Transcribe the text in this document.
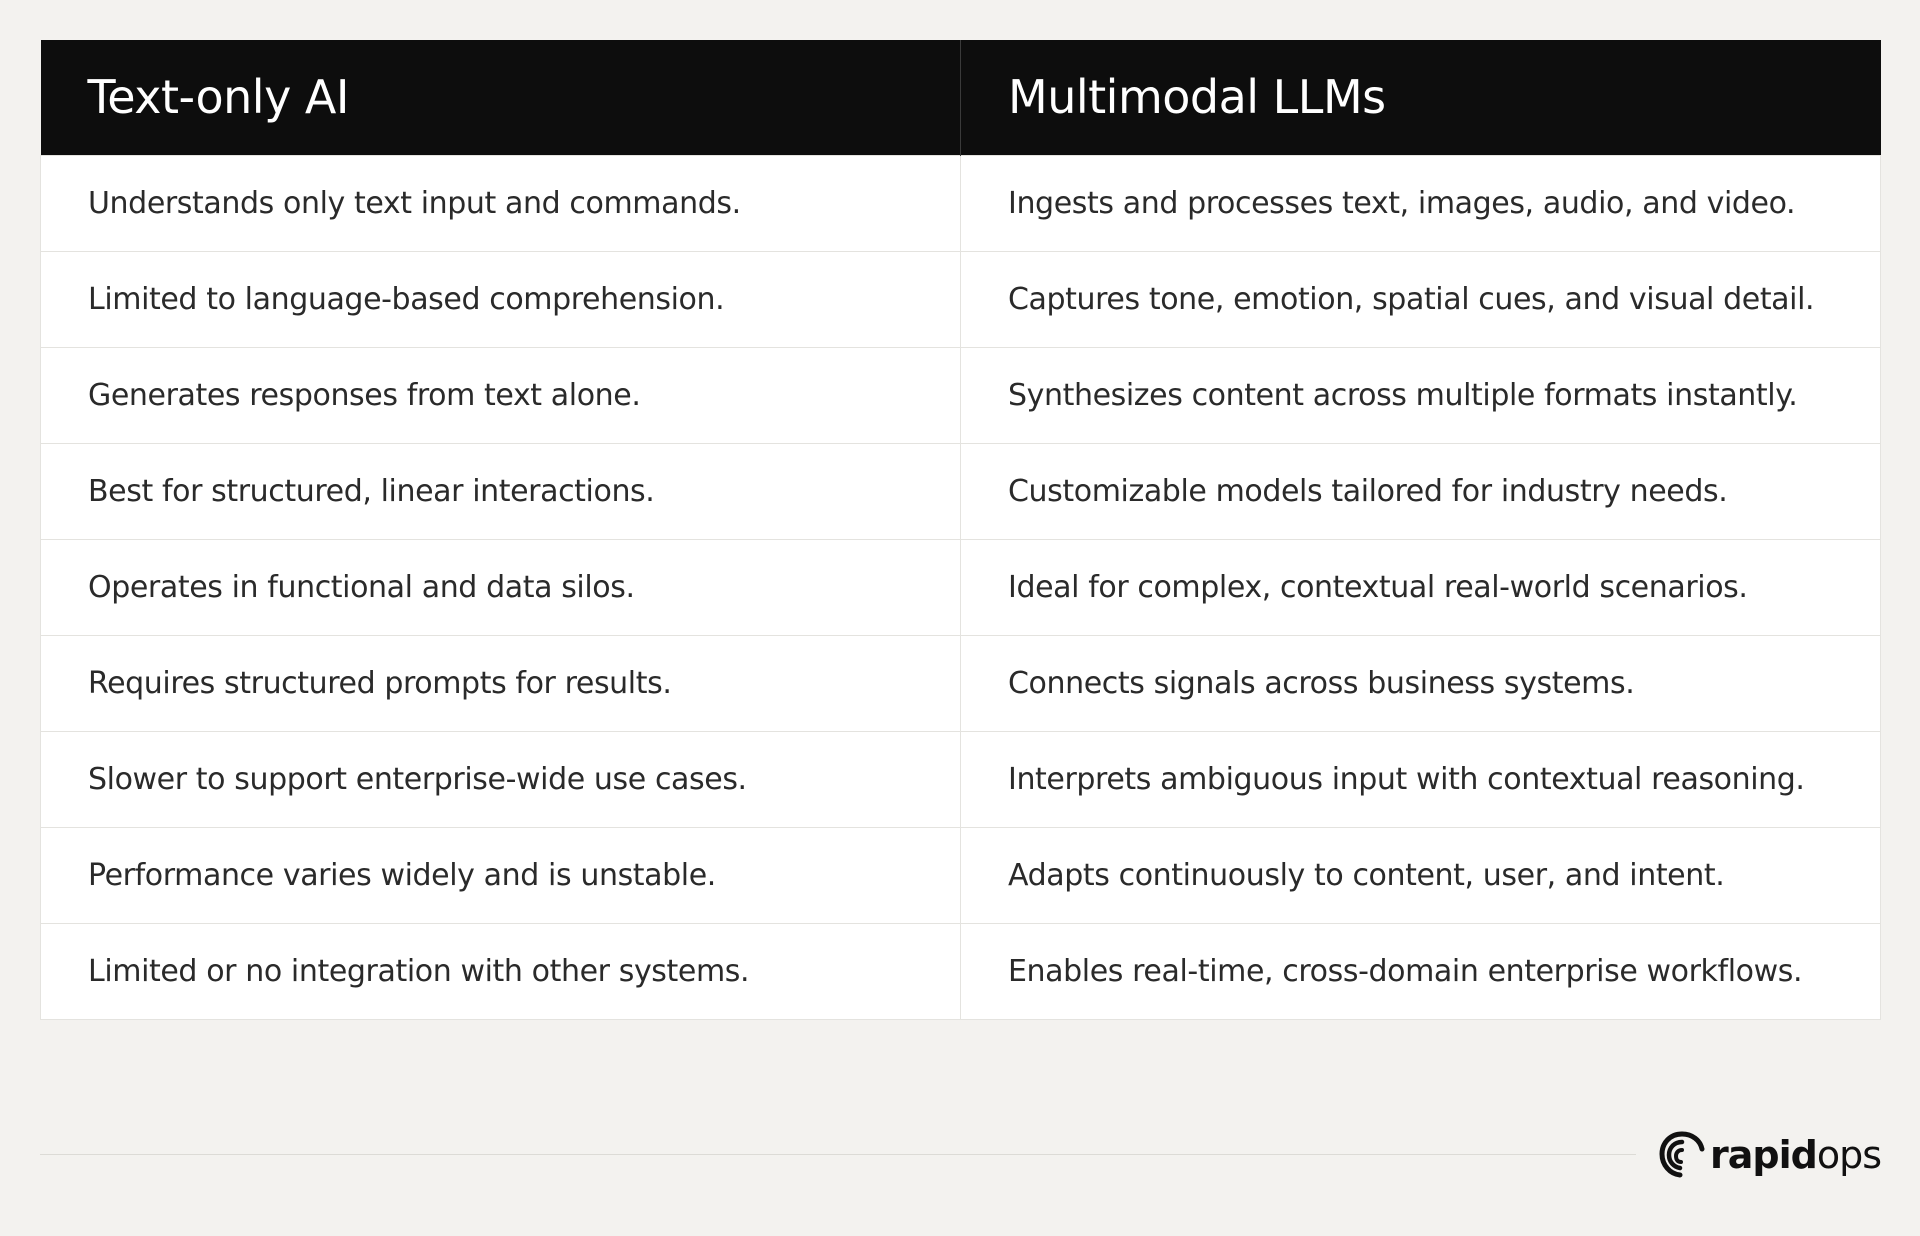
Text-only AI	Multimodal LLMs
Understands only text input and commands.	Ingests and processes text, images, audio, and video.
Limited to language-based comprehension.	Captures tone, emotion, spatial cues, and visual detail.
Generates responses from text alone.	Synthesizes content across multiple formats instantly.
Best for structured, linear interactions.	Customizable models tailored for industry needs.
Operates in functional and data silos.	Ideal for complex, contextual real-world scenarios.
Requires structured prompts for results.	Connects signals across business systems.
Slower to support enterprise-wide use cases.	Interprets ambiguous input with contextual reasoning.
Performance varies widely and is unstable.	Adapts continuously to content, user, and intent.
Limited or no integration with other systems.	Enables real-time, cross-domain enterprise workflows.
rapidops
